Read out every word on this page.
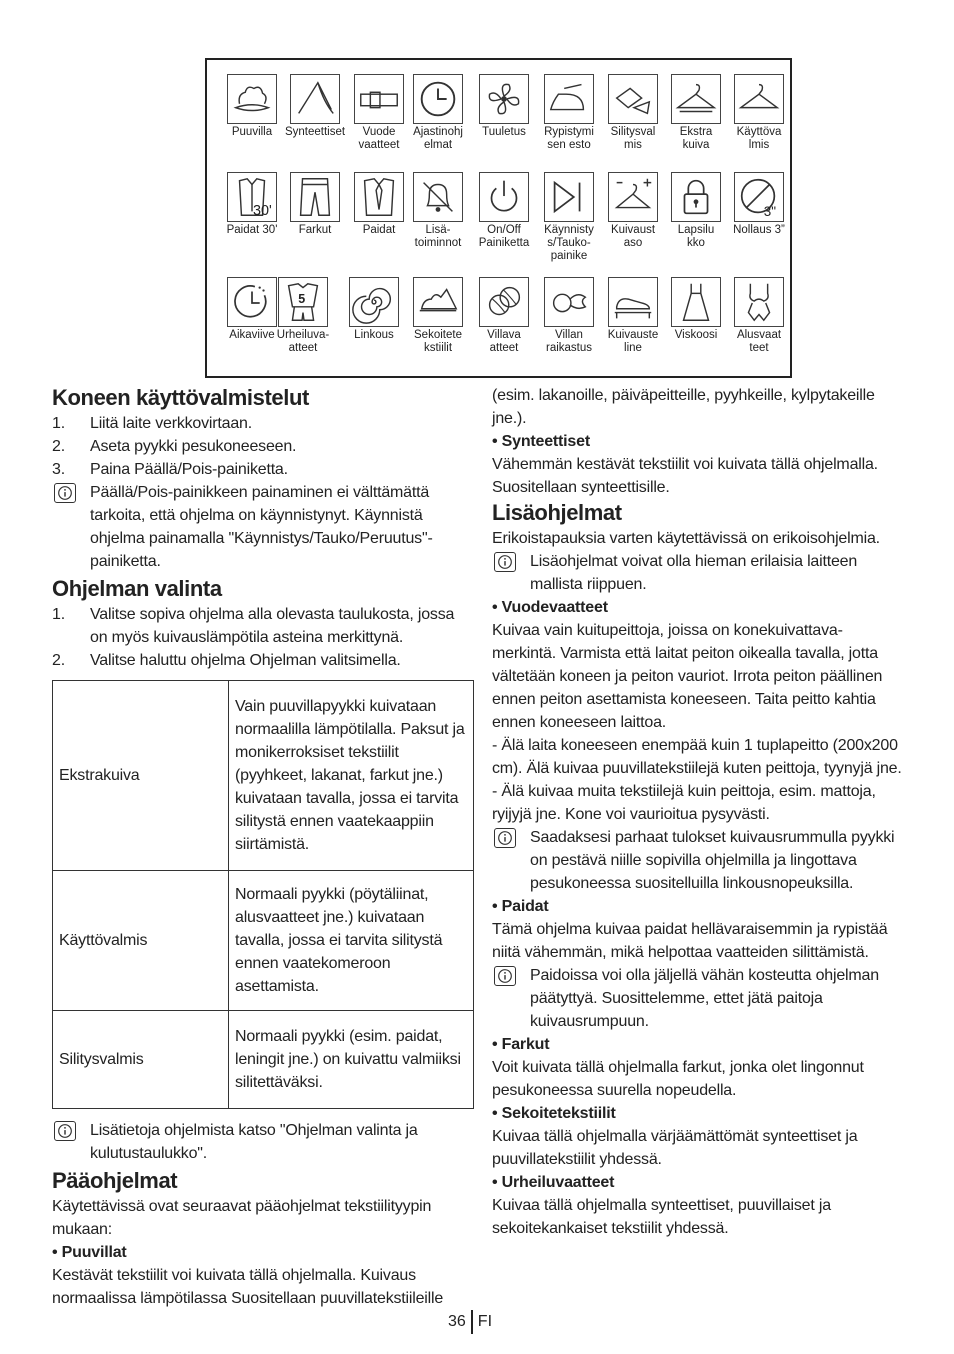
Puuvilla	Synteettiset	Vuode
vaatteet
Ajastinohj
elmat
Tuuletus	Rypistymi
sen esto
Silitysval
mis
Ekstra
kuiva
Käyttöva
lmis
30'
Paidat 30'	Farkut	Paidat	Lisä-
toiminnot
On/Off
Painiketta
Käynnisty
s/Tauko-
painike
Kuivaust
aso
Lapsilu
kko
3"
Nollaus 3”
Aikaviive
5
Urheiluva-
atteet
Linkous	Sekoitete
kstiilit
Villava
atteet
Villan
raikastus
Kuivauste
line
Viskoosi	Alusvaat
teet
Koneen käyttövalmistelut
1. Liitä laite verkkovirtaan.
2. Aseta pyykki pesukoneeseen.
3. Paina Päällä/Pois-painiketta.

Päällä/Pois-painikkeen painaminen ei välttämättä tarkoita, että ohjelma on käynnistynyt. Käynnistä ohjelma painamalla "Käynnistys/Tauko/Peruutus"-painiketta.

Ohjelman valinta
1. Valitse sopiva ohjelma alla olevasta taulukosta, jossa on myös kuivauslämpötila asteina merkittynä.
2. Valitse haluttu ohjelma Ohjelman valitsimella.
Ekstrakuiva	Vain puuvillapyykki kuivataan normaalilla lämpötilalla. Paksut ja monikerroksiset tekstiilit (pyyhkeet, lakanat, farkut jne.) kuivataan tavalla, jossa ei tarvita silitystä ennen vaatekaappiin siirtämistä.
Käyttövalmis	Normaali pyykki (pöytäliinat, alusvaatteet jne.) kuivataan tavalla, jossa ei tarvita silitystä ennen vaatekomeroon asettamista.
Silitysvalmis	Normaali pyykki (esim. paidat, leningit jne.) on kuivattu valmiiksi silitettäväksi.

Lisätietoja ohjelmista katso "Ohjelman valinta ja kulutustaulukko".

Pääohjelmat

Käytettävissä ovat seuraavat pääohjelmat tekstiilityypin mukaan:

• Puuvillat

Kestävät tekstiilit voi kuivata tällä ohjelmalla. Kuivaus normaalissa lämpötilassa Suositellaan puuvillatekstiileille

(esim. lakanoille, päiväpeitteille, pyyhkeille, kylpytakeille jne.).

• Synteettiset

Vähemmän kestävät tekstiilit voi kuivata tällä ohjelmalla. Suositellaan synteettisille.

Lisäohjelmat

Erikoistapauksia varten käytettävissä on erikoisohjelmia.

Lisäohjelmat voivat olla hieman erilaisia laitteen mallista riippuen.

• Vuodevaatteet

Kuivaa vain kuitupeittoja, joissa on konekuivattava-merkintä. Varmista että laitat peiton oikealla tavalla, jotta vältetään koneen ja peiton vauriot. Irrota peiton päällinen ennen peiton asettamista koneeseen. Taita peitto kahtia ennen koneeseen laittoa.

- Älä laita koneeseen enempää kuin 1 tuplapeitto (200x200 cm). Älä kuivaa puuvillatekstiilejä kuten peittoja, tyynyjä jne.

- Älä kuivaa muita tekstiilejä kuin peittoja, esim. mattoja, ryijyjä jne. Kone voi vaurioitua pysyvästi.

Saadaksesi parhaat tulokset kuivausrummulla pyykki on pestävä niille sopivilla ohjelmilla ja lingottava pesukoneessa suositelluilla linkousnopeuksilla.

• Paidat

Tämä ohjelma kuivaa paidat hellävaraisemmin ja rypistää niitä vähemmän, mikä helpottaa vaatteiden silittämistä.

Paidoissa voi olla jäljellä vähän kosteutta ohjelman päätyttyä. Suosittelemme, ettet jätä paitoja kuivausrumpuun.

• Farkut

Voit kuivata tällä ohjelmalla farkut, jonka olet lingonnut pesukoneessa suurella nopeudella.

• Sekoitetekstiilit

Kuivaa tällä ohjelmalla värjäämättömät synteettiset ja puuvillatekstiilit yhdessä.

• Urheiluvaatteet

Kuivaa tällä ohjelmalla synteettiset, puuvillaiset ja sekoitekankaiset tekstiilit yhdessä.

36 FI
